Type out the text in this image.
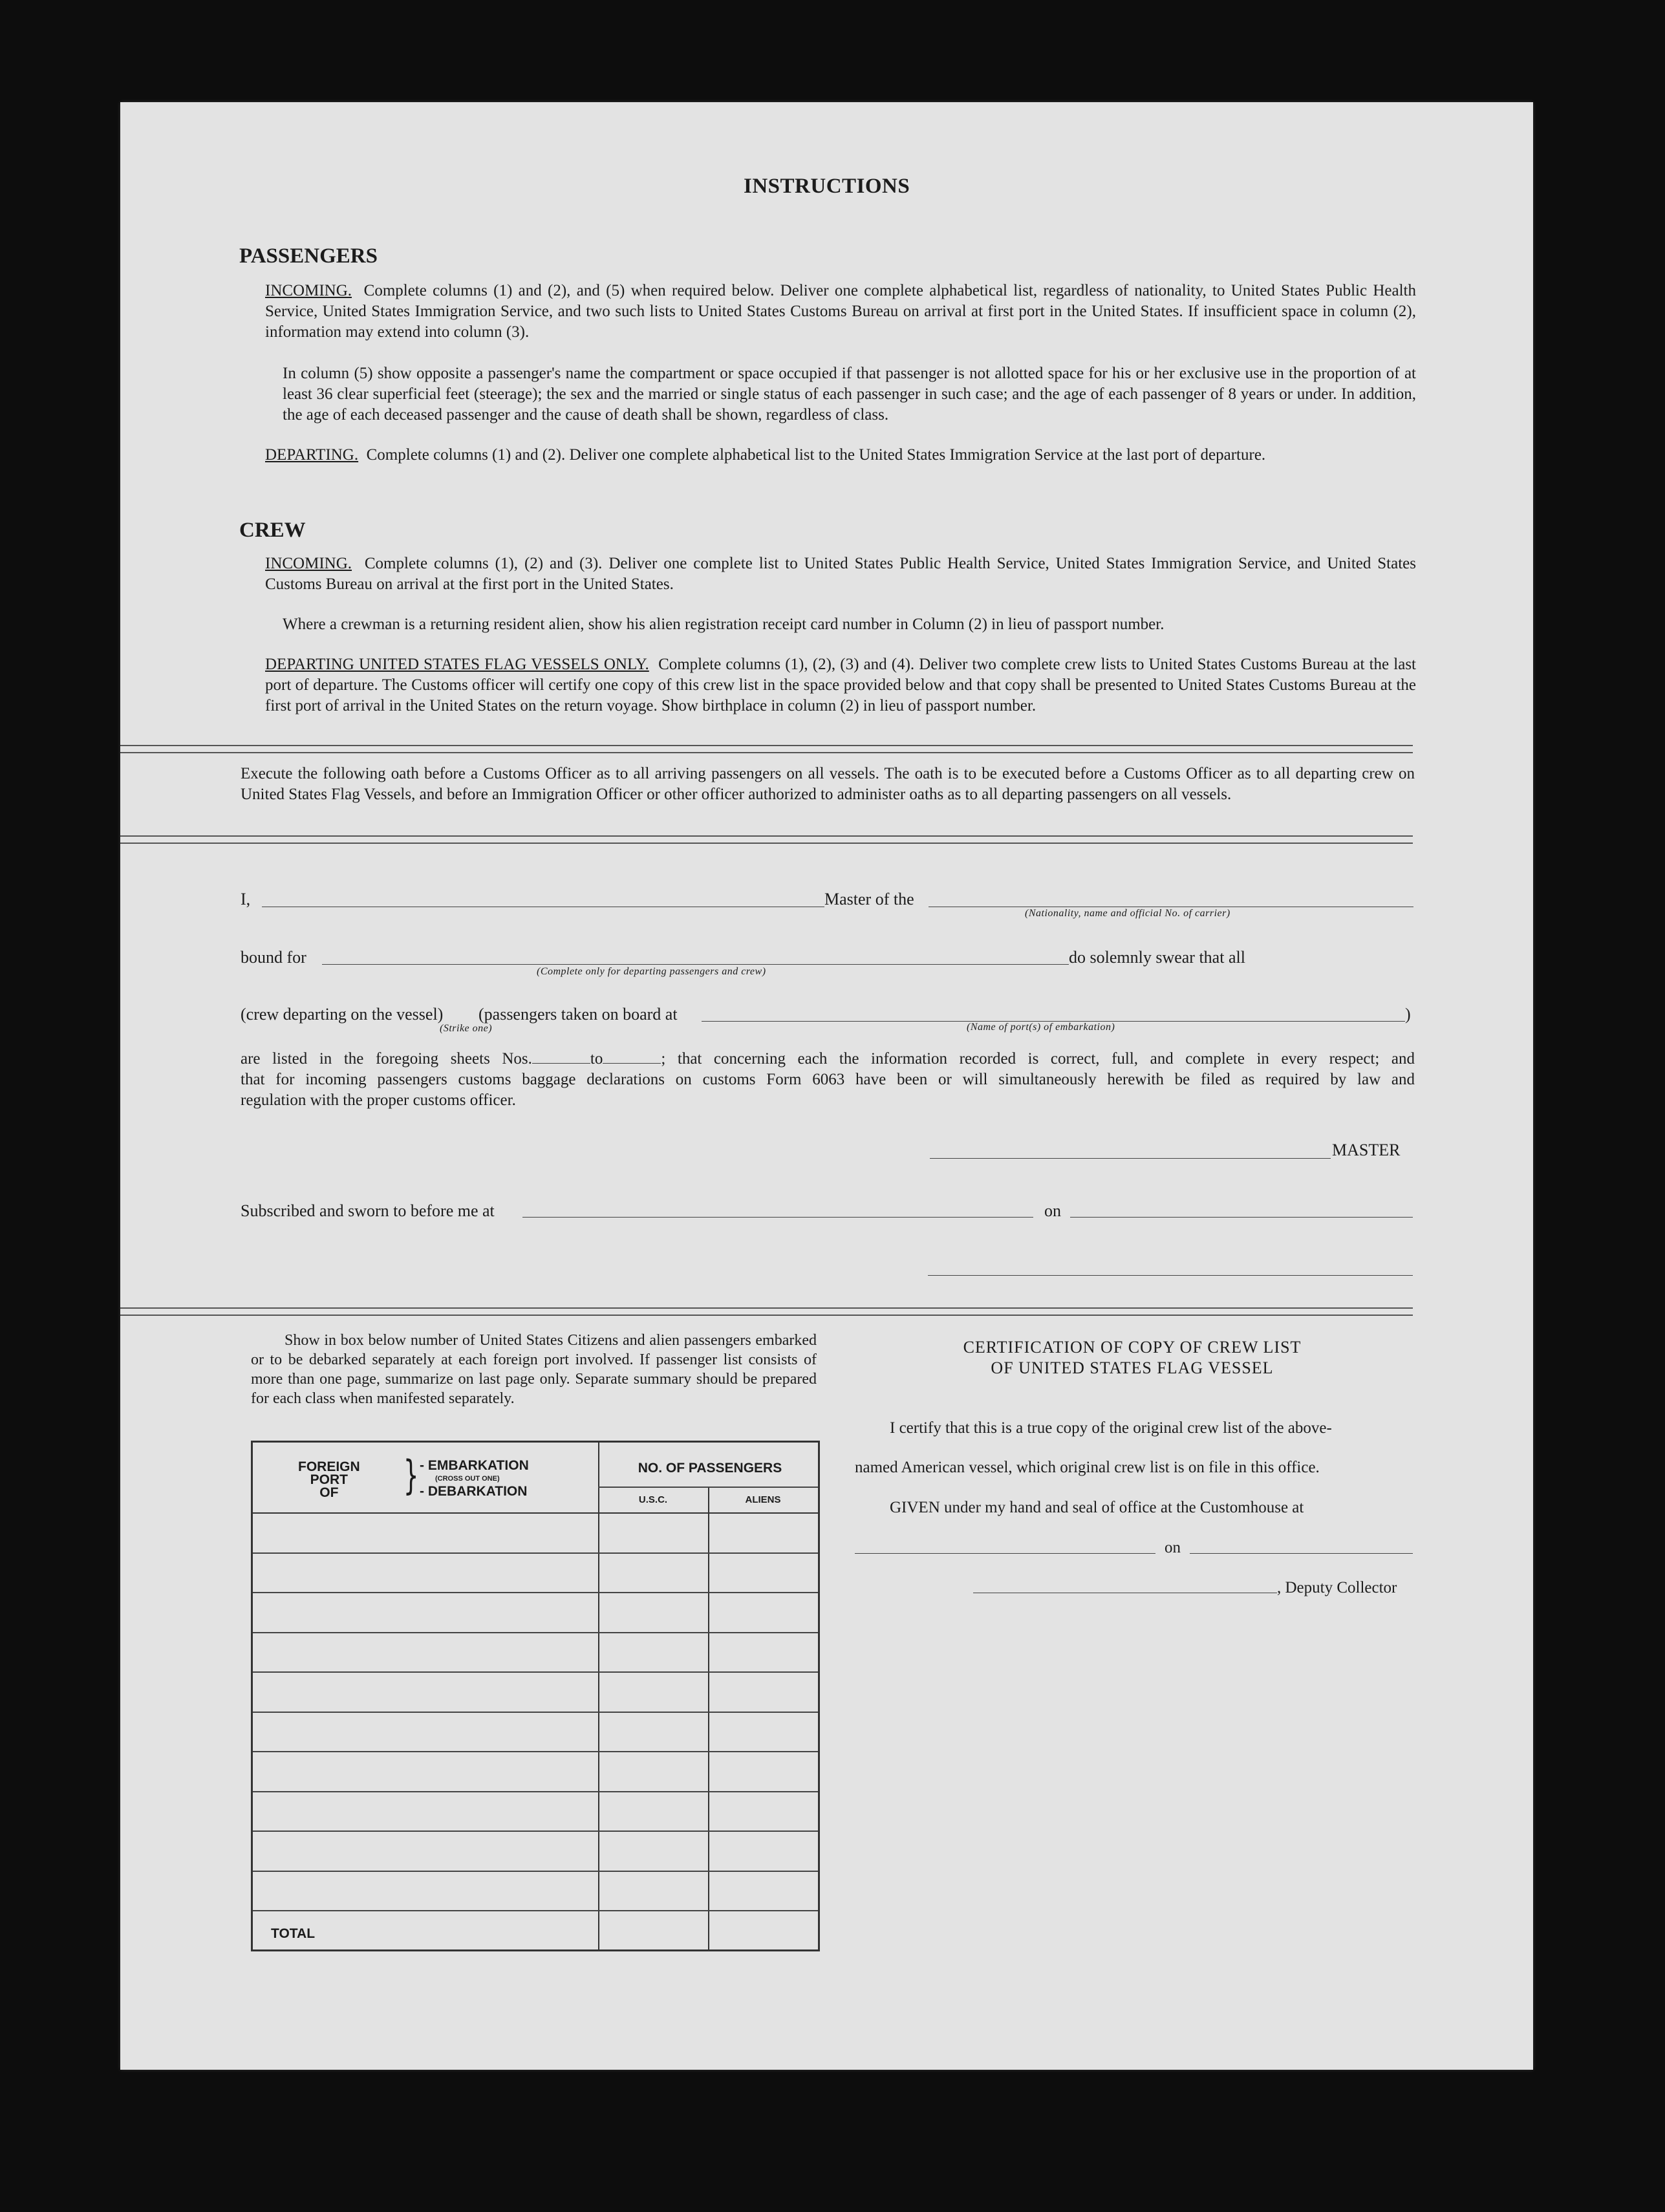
INSTRUCTIONS
PASSENGERS
INCOMING. Complete columns (1) and (2), and (5) when required below. Deliver one complete alphabetical list, regardless of nationality, to United States Public Health Service, United States Immigration Service, and two such lists to United States Customs Bureau on arrival at first port in the United States. If insufficient space in column (2), information may extend into column (3).
In column (5) show opposite a passenger's name the compartment or space occupied if that passenger is not allotted space for his or her exclusive use in the proportion of at least 36 clear superficial feet (steerage); the sex and the married or single status of each passenger in such case; and the age of each passenger of 8 years or under. In addition, the age of each deceased passenger and the cause of death shall be shown, regardless of class.
DEPARTING. Complete columns (1) and (2). Deliver one complete alphabetical list to the United States Immigration Service at the last port of departure.
CREW
INCOMING. Complete columns (1), (2) and (3). Deliver one complete list to United States Public Health Service, United States Immigration Service, and United States Customs Bureau on arrival at the first port in the United States.
Where a crewman is a returning resident alien, show his alien registration receipt card number in Column (2) in lieu of passport number.
DEPARTING UNITED STATES FLAG VESSELS ONLY. Complete columns (1), (2), (3) and (4). Deliver two complete crew lists to United States Customs Bureau at the last port of departure. The Customs officer will certify one copy of this crew list in the space provided below and that copy shall be presented to United States Customs Bureau at the first port of arrival in the United States on the return voyage. Show birthplace in column (2) in lieu of passport number.
Execute the following oath before a Customs Officer as to all arriving passengers on all vessels. The oath is to be executed before a Customs Officer as to all departing crew on United States Flag Vessels, and before an Immigration Officer or other officer authorized to administer oaths as to all departing passengers on all vessels.
I,	Master of the
(Nationality, name and official No. of carrier)
bound for
(Complete only for departing passengers and crew)
do solemnly swear that all
(crew departing on the vessel) (passengers taken on board at	)
(Strike one)	(Name of port(s) of embarkation)
are listed in the foregoing sheets Nos.	to	; that concerning each the information recorded is correct, full, and complete in every respect; and
that for incoming passengers customs baggage declarations on customs Form 6063 have been or will simultaneously herewith be filed as required by law and
regulation with the proper customs officer.
MASTER
Subscribed and sworn to before me at	on
Show in box below number of United States Citizens and alien passengers embarked or to be debarked separately at each foreign port involved. If passenger list consists of more than one page, summarize on last page only. Separate summary should be prepared for each class when manifested separately.
FOREIGN
PORT
OF	} - EMBARKATION
(CROSS OUT ONE)
- DEBARKATION
NO. OF PASSENGERS
U.S.C.	ALIENS
TOTAL
CERTIFICATION OF COPY OF CREW LIST
OF UNITED STATES FLAG VESSEL
I certify that this is a true copy of the original crew list of the above-
named American vessel, which original crew list is on file in this office.
GIVEN under my hand and seal of office at the Customhouse at
on
, Deputy Collector
